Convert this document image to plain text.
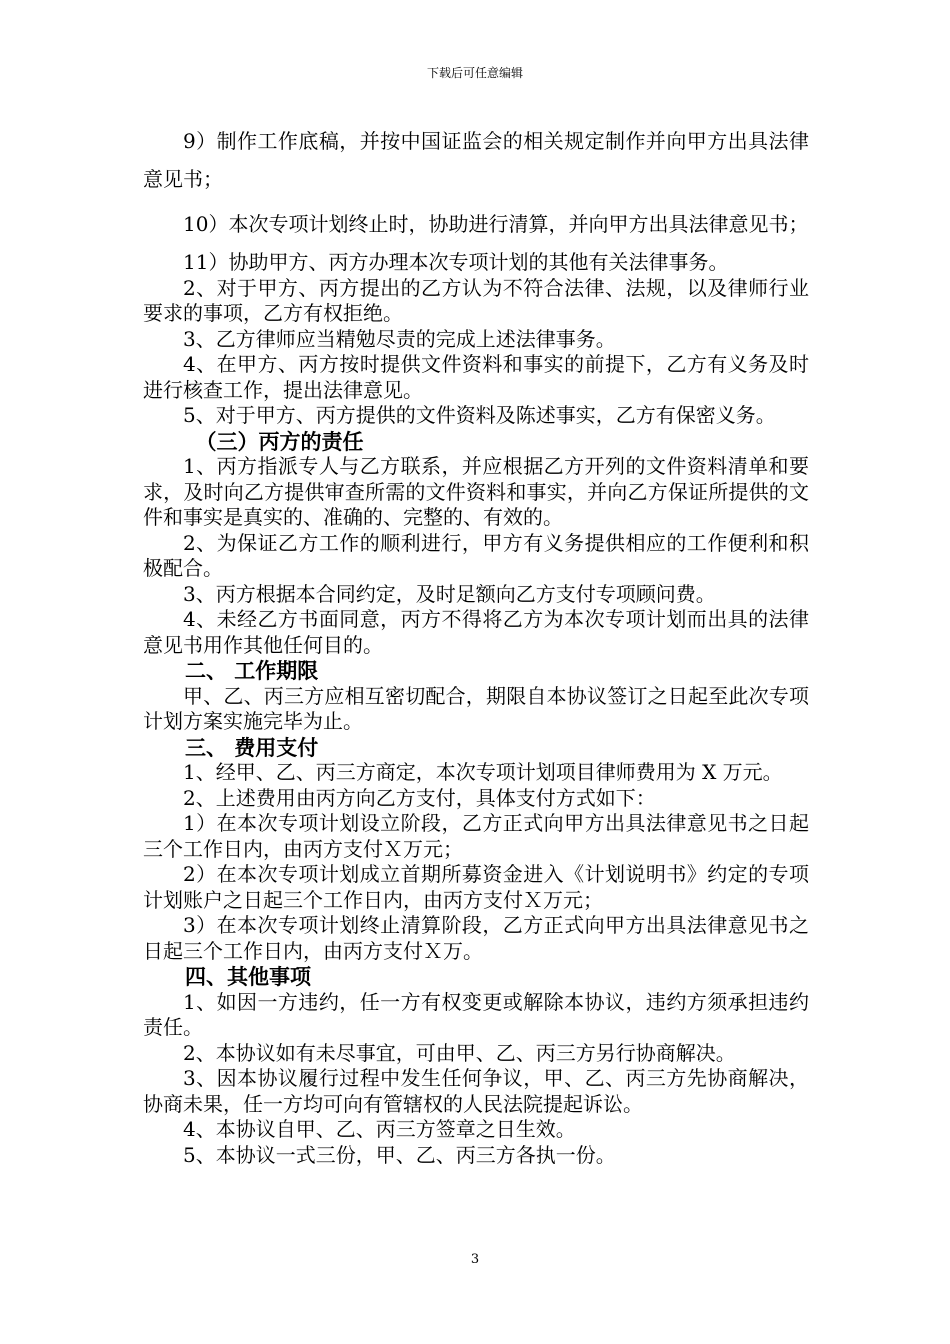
下载后可任意编辑

9）制作工作底稿，并按中国证监会的相关规定制作并向甲方出具法律意见书；

10）本次专项计划终止时，协助进行清算，并向甲方出具法律意见书；

11）协助甲方、丙方办理本次专项计划的其他有关法律事务。

2、对于甲方、丙方提出的乙方认为不符合法律、法规，以及律师行业要求的事项，乙方有权拒绝。

3、乙方律师应当精勉尽责的完成上述法律事务。

4、在甲方、丙方按时提供文件资料和事实的前提下，乙方有义务及时进行核查工作，提出法律意见。

5、对于甲方、丙方提供的文件资料及陈述事实，乙方有保密义务。

（三）丙方的责任

1、丙方指派专人与乙方联系，并应根据乙方开列的文件资料清单和要求，及时向乙方提供审查所需的文件资料和事实，并向乙方保证所提供的文件和事实是真实的、准确的、完整的、有效的。

2、为保证乙方工作的顺利进行，甲方有义务提供相应的工作便利和积极配合。

3、丙方根据本合同约定，及时足额向乙方支付专项顾问费。

4、未经乙方书面同意，丙方不得将乙方为本次专项计划而出具的法律意见书用作其他任何目的。

二、 工作期限

甲、乙、丙三方应相互密切配合，期限自本协议签订之日起至此次专项计划方案实施完毕为止。

三、 费用支付

1、经甲、乙、丙三方商定，本次专项计划项目律师费用为 X 万元。

2、上述费用由丙方向乙方支付，具体支付方式如下：

1）在本次专项计划设立阶段，乙方正式向甲方出具法律意见书之日起三个工作日内，由丙方支付Ｘ万元；

2）在本次专项计划成立首期所募资金进入《计划说明书》约定的专项计划账户之日起三个工作日内，由丙方支付Ｘ万元；

3）在本次专项计划终止清算阶段，乙方正式向甲方出具法律意见书之日起三个工作日内，由丙方支付Ｘ万。

四、其他事项

1、如因一方违约，任一方有权变更或解除本协议，违约方须承担违约责任。

2、本协议如有未尽事宜，可由甲、乙、丙三方另行协商解决。

3、因本协议履行过程中发生任何争议，甲、乙、丙三方先协商解决，协商未果，任一方均可向有管辖权的人民法院提起诉讼。

4、本协议自甲、乙、丙三方签章之日生效。

5、本协议一式三份，甲、乙、丙三方各执一份。

3
